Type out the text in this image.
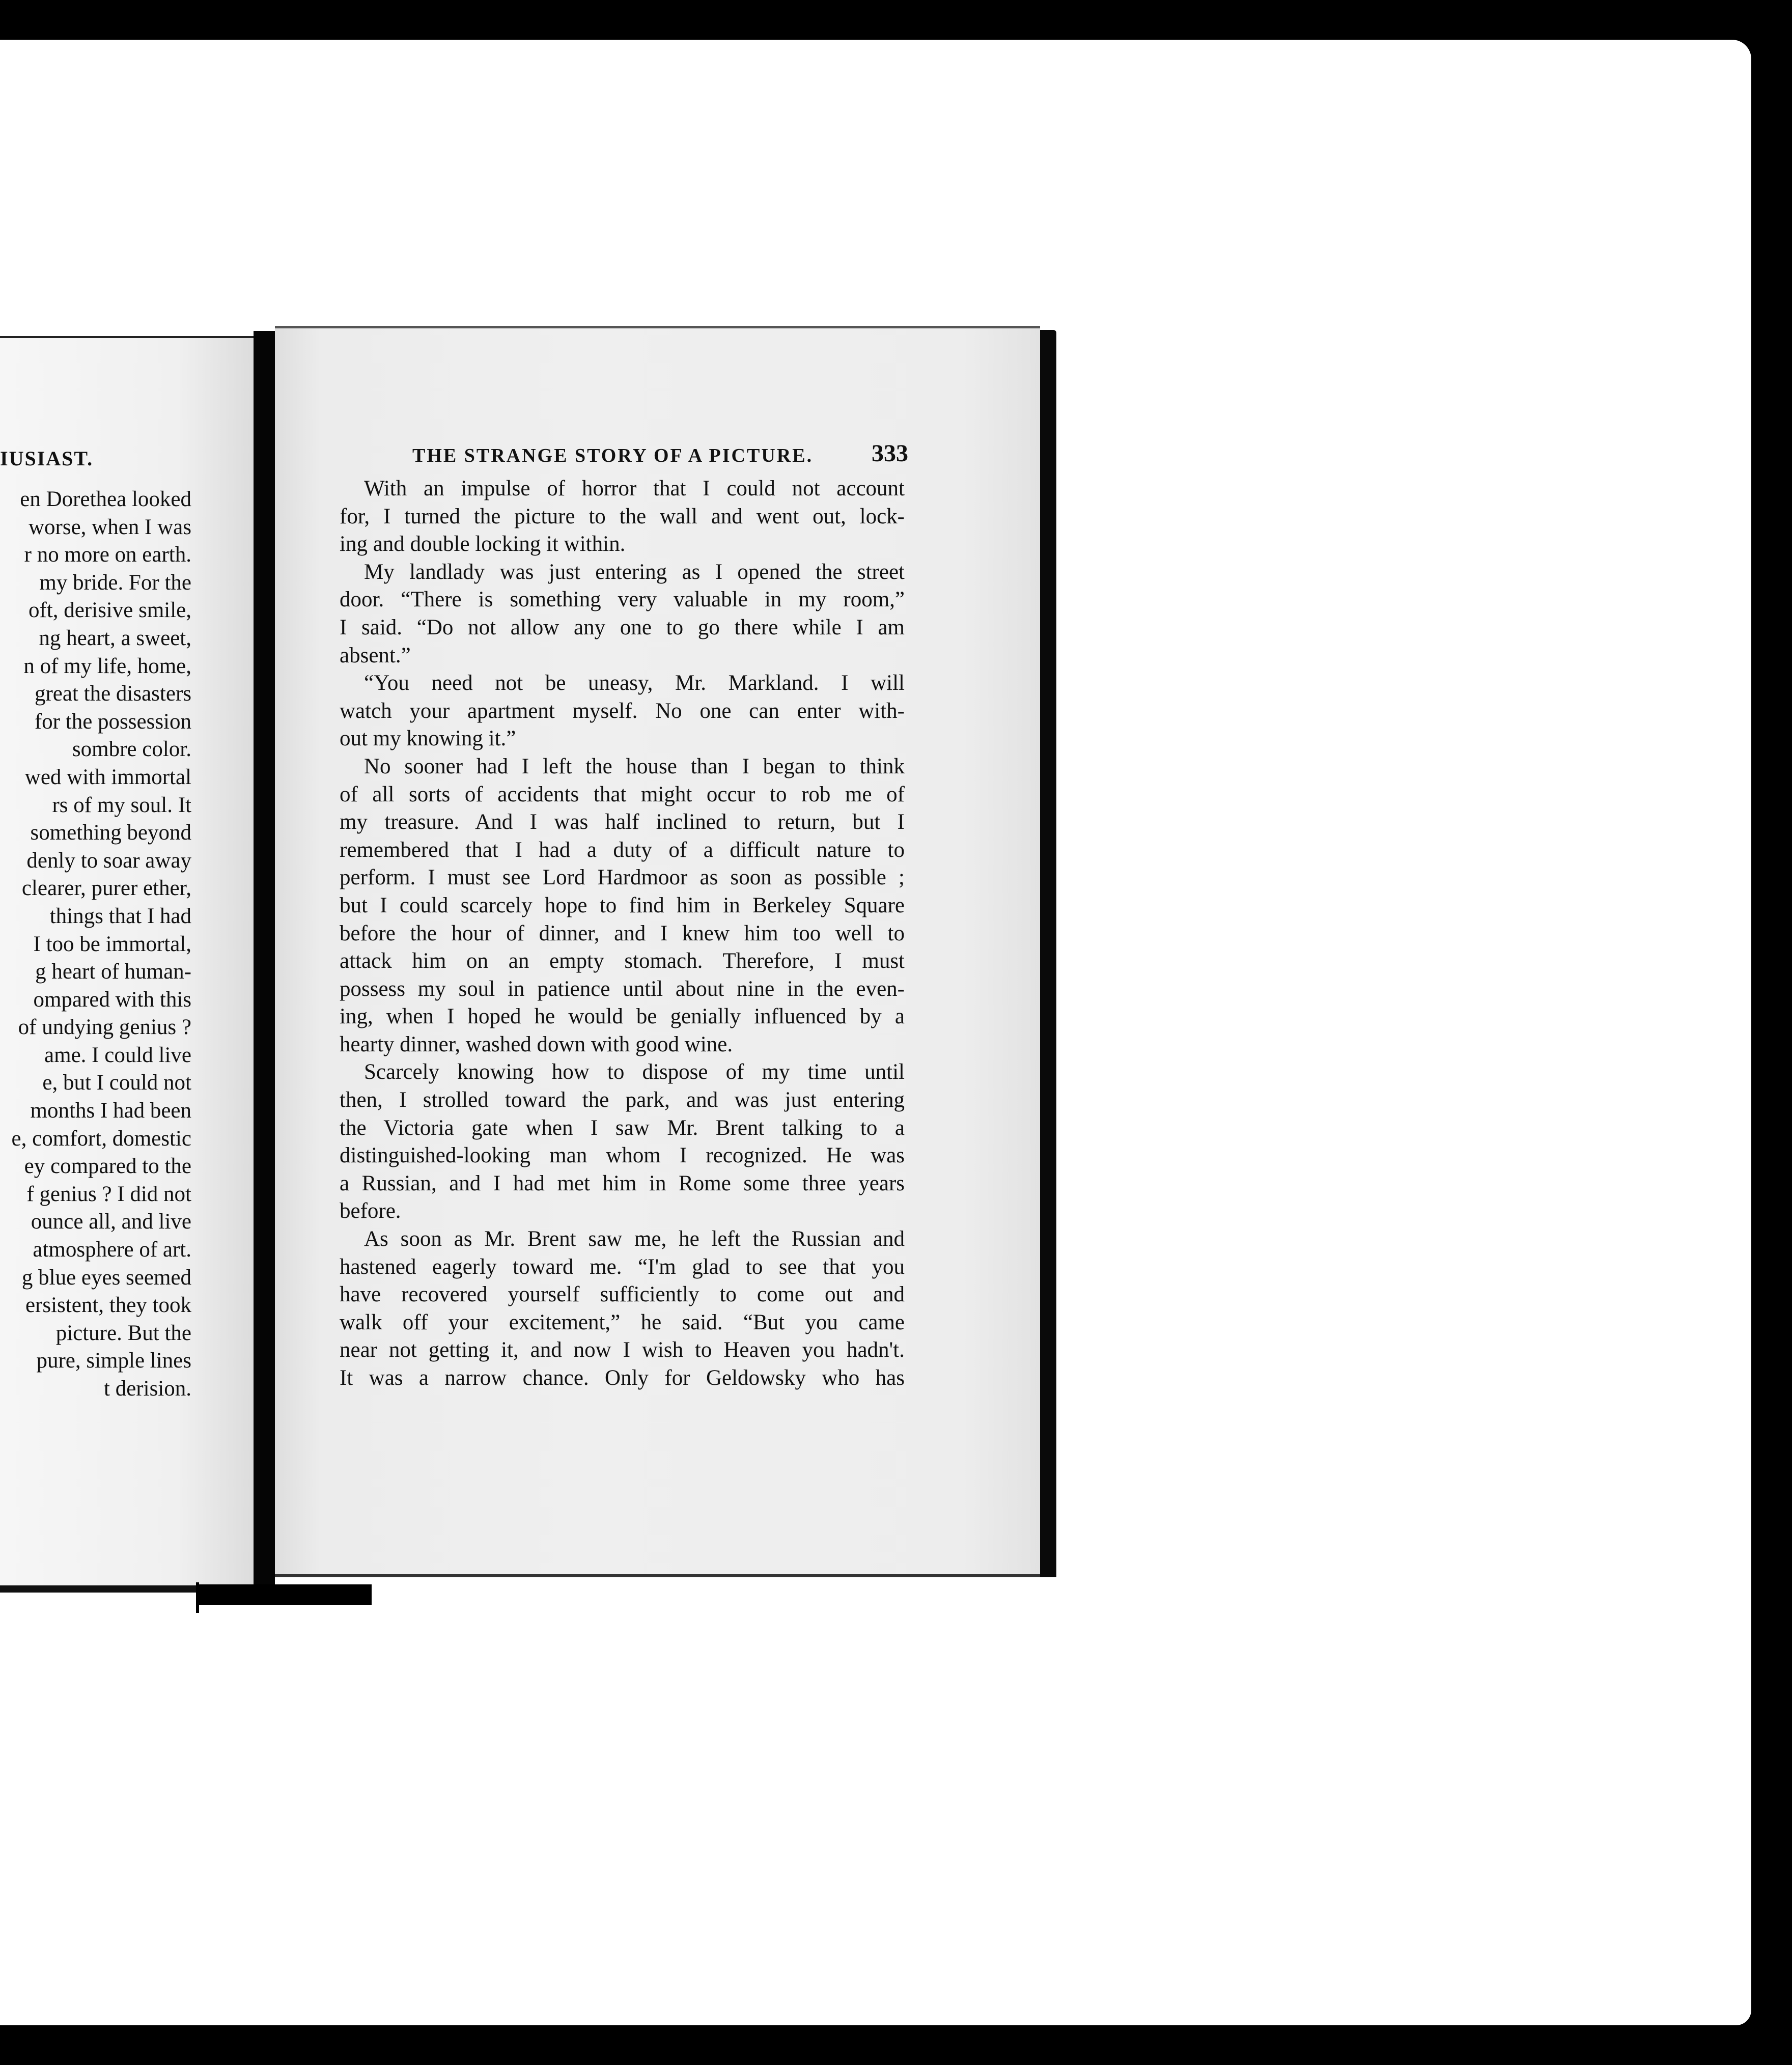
IUSIAST.
en Dorethea looked
worse, when I was
r no more on earth.
my bride. For the
oft, derisive smile,
ng heart, a sweet,
n of my life, home,
great the disasters
for the possession
sombre color.
wed with immortal
rs of my soul. It
something beyond
denly to soar away
clearer, purer ether,
things that I had
I too be immortal,
g heart of human-
ompared with this
of undying genius ?
ame. I could live
e, but I could not
months I had been
e, comfort, domestic
ey compared to the
f genius ? I did not
ounce all, and live
atmosphere of art.
g blue eyes seemed
ersistent, they took
picture. But the
pure, simple lines
t derision.
THE STRANGE STORY OF A PICTURE. 333
With an impulse of horror that I could not account
for, I turned the picture to the wall and went out, lock-
ing and double locking it within.
My landlady was just entering as I opened the street
door. “There is something very valuable in my room,”
I said. “Do not allow any one to go there while I am
absent.”
“You need not be uneasy, Mr. Markland. I will
watch your apartment myself. No one can enter with-
out my knowing it.”
No sooner had I left the house than I began to think
of all sorts of accidents that might occur to rob me of
my treasure. And I was half inclined to return, but I
remembered that I had a duty of a difficult nature to
perform. I must see Lord Hardmoor as soon as possible ;
but I could scarcely hope to find him in Berkeley Square
before the hour of dinner, and I knew him too well to
attack him on an empty stomach. Therefore, I must
possess my soul in patience until about nine in the even-
ing, when I hoped he would be genially influenced by a
hearty dinner, washed down with good wine.
Scarcely knowing how to dispose of my time until
then, I strolled toward the park, and was just entering
the Victoria gate when I saw Mr. Brent talking to a
distinguished-looking man whom I recognized. He was
a Russian, and I had met him in Rome some three years
before.
As soon as Mr. Brent saw me, he left the Russian and
hastened eagerly toward me. “I'm glad to see that you
have recovered yourself sufficiently to come out and
walk off your excitement,” he said. “But you came
near not getting it, and now I wish to Heaven you hadn't.
It was a narrow chance. Only for Geldowsky who has
